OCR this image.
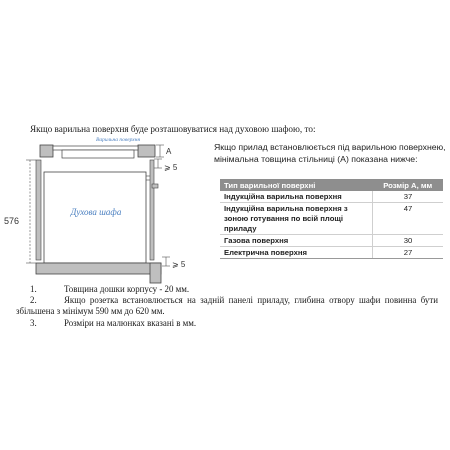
Якщо варильна поверхня буде розташовуватися над духовою шафою, то:
Варильна поверхня
Духова шафа
576
A
⩾ 5
⩾ 5
Якщо прилад встановлюється під варильною поверхнею, мінімальна товщина стільниці (А) показана нижче:
Тип варильної поверхні	Розмір А, мм
Індукційна варильна поверхня	37
Індукційна варильна поверхня з зоною готування по всій площі приладу	47
Газова поверхня	30
Електрична поверхня	27
1.	Товщина дошки корпусу - 20 мм.
2.	Якщо розетка встановлюється на задній панелі приладу, глибина отвору шафи повинна бути збільшена з мінімум 590 мм до 620 мм.
3.	Розміри на малюнках вказані в мм.
